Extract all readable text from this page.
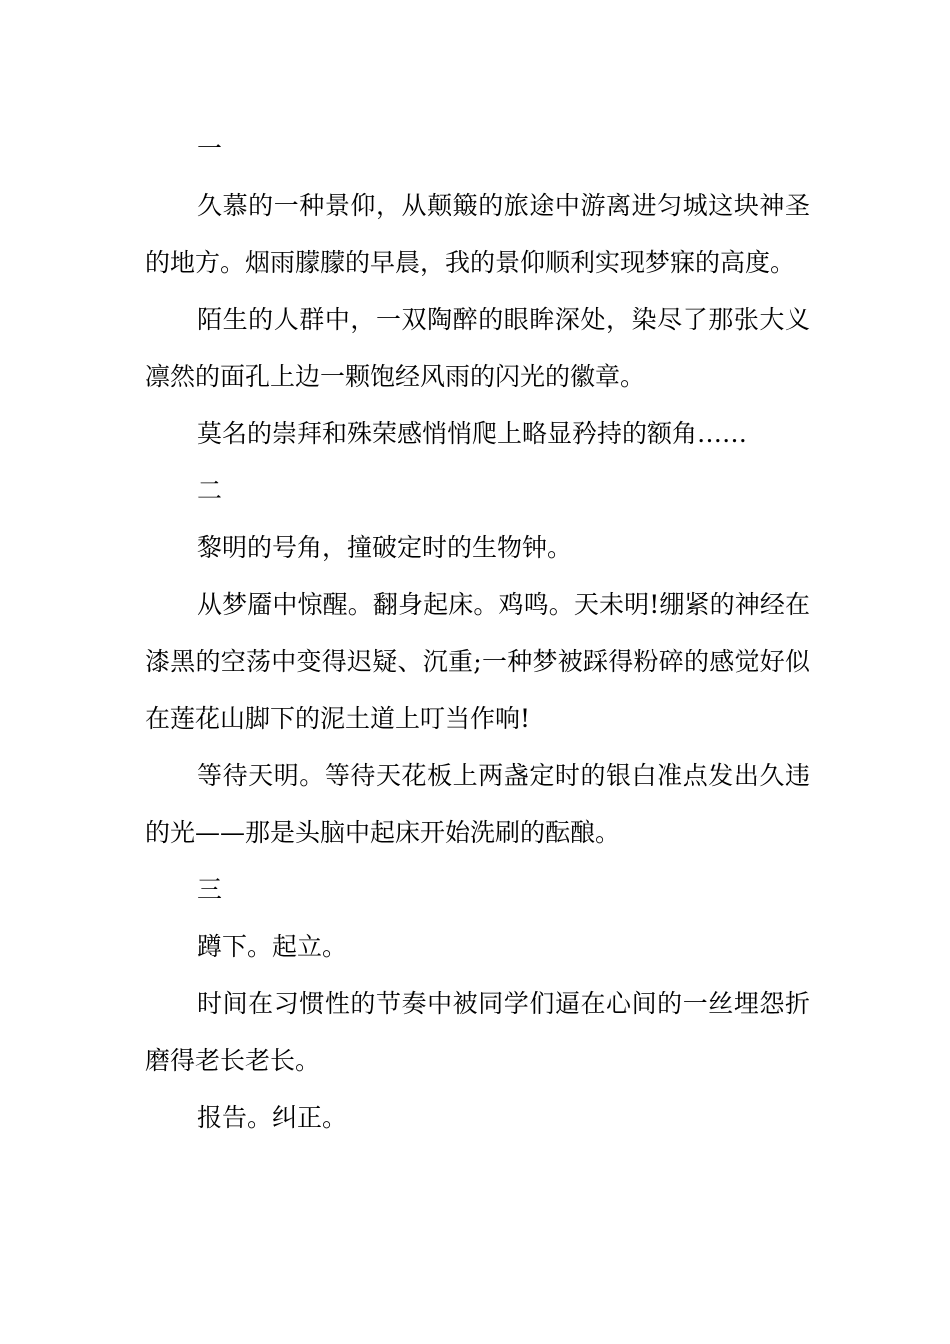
一

久慕的一种景仰，从颠簸的旅途中游离进匀城这块神圣的地方。烟雨朦朦的早晨，我的景仰顺利实现梦寐的高度。

陌生的人群中，一双陶醉的眼眸深处，染尽了那张大义凛然的面孔上边一颗饱经风雨的闪光的徽章。

莫名的崇拜和殊荣感悄悄爬上略显矜持的额角……

二

黎明的号角，撞破定时的生物钟。

从梦靥中惊醒。翻身起床。鸡鸣。天未明!绷紧的神经在漆黑的空荡中变得迟疑、沉重;一种梦被踩得粉碎的感觉好似在莲花山脚下的泥土道上叮当作响!

等待天明。等待天花板上两盏定时的银白准点发出久违的光——那是头脑中起床开始洗刷的酝酿。

三

蹲下。起立。

时间在习惯性的节奏中被同学们逼在心间的一丝埋怨折磨得老长老长。

报告。纠正。
